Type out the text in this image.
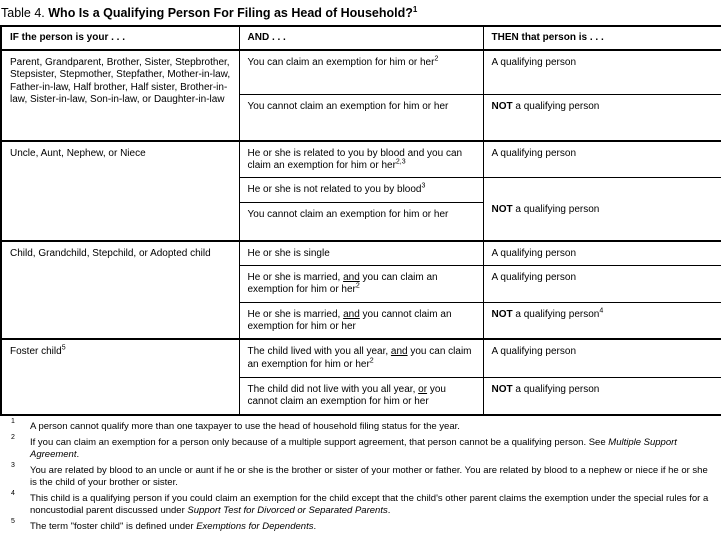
Table 4. Who Is a Qualifying Person For Filing as Head of Household?$^1$
IF the person is your . . .	AND . . .	THEN that person is . . .
Parent, Grandparent, Brother, Sister, Stepbrother, Stepsister, Stepmother, Stepfather, Mother-in-law, Father-in-law, Half brother, Half sister, Brother-in-law, Sister-in-law, Son-in-law, or Daughter-in-law	You can claim an exemption for him or her$^2$	A qualifying person
	You cannot claim an exemption for him or her	NOT a qualifying person
Uncle, Aunt, Nephew, or Niece	He or she is related to you by blood and you can claim an exemption for him or her$^{2,3}$	A qualifying person
	He or she is not related to you by blood$^3$	NOT a qualifying person
	You cannot claim an exemption for him or her	
Child, Grandchild, Stepchild, or Adopted child	He or she is single	A qualifying person
	He or she is married, and you can claim an exemption for him or her$^2$	A qualifying person
	He or she is married, and you cannot claim an exemption for him or her	NOT a qualifying person$^4$
Foster child$^5$	The child lived with you all year, and you can claim an exemption for him or her$^2$	A qualifying person
	The child did not live with you all year, or you cannot claim an exemption for him or her	NOT a qualifying person
1 A person cannot qualify more than one taxpayer to use the head of household filing status for the year.
2 If you can claim an exemption for a person only because of a multiple support agreement, that person cannot be a qualifying person. See Multiple Support Agreement.
3 You are related by blood to an uncle or aunt if he or she is the brother or sister of your mother or father. You are related by blood to a nephew or niece if he or she is the child of your brother or sister.
4 This child is a qualifying person if you could claim an exemption for the child except that the child's other parent claims the exemption under the special rules for a noncustodial parent discussed under Support Test for Divorced or Separated Parents.
5 The term "foster child" is defined under Exemptions for Dependents.
